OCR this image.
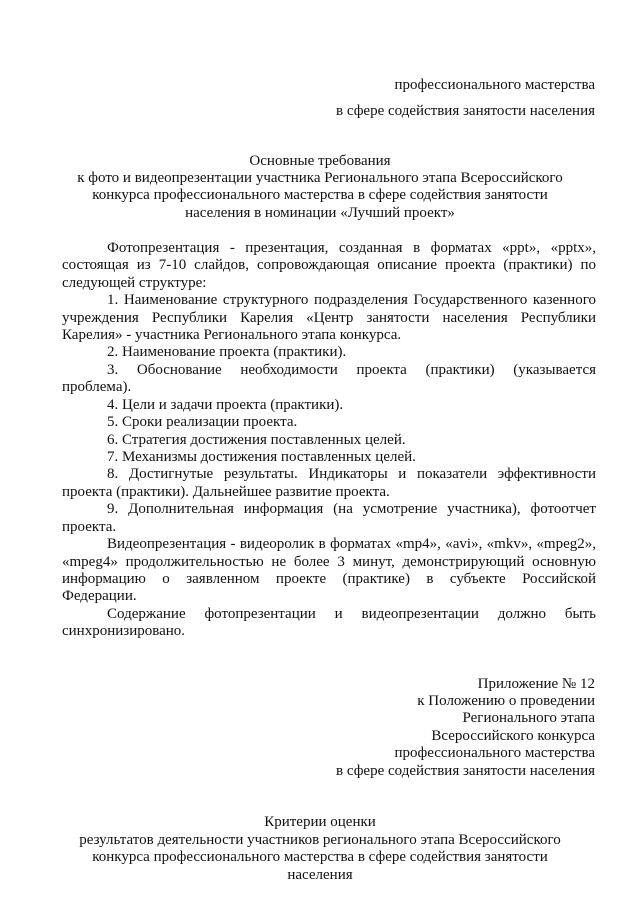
профессионального мастерства
в сфере содействия занятости населения
Основные требования
к фото и видеопрезентации участника Регионального этапа Всероссийского
конкурса профессионального мастерства в сфере содействия занятости
населения в номинации «Лучший проект»
Фотопрезентация - презентация, созданная в форматах «ppt», «pptx»,
состоящая из 7-10 слайдов, сопровождающая описание проекта (практики) по
следующей структуре:
1. Наименование структурного подразделения Государственного казенного
учреждения Республики Карелия «Центр занятости населения Республики
Карелия» - участника Регионального этапа конкурса.
2. Наименование проекта (практики).
3. Обоснование необходимости проекта (практики) (указывается
проблема).
4. Цели и задачи проекта (практики).
5. Сроки реализации проекта.
6. Стратегия достижения поставленных целей.
7. Механизмы достижения поставленных целей.
8. Достигнутые результаты. Индикаторы и показатели эффективности
проекта (практики). Дальнейшее развитие проекта.
9. Дополнительная информация (на усмотрение участника), фотоотчет
проекта.
Видеопрезентация - видеоролик в форматах «mp4», «avi», «mkv», «mpeg2»,
«mpeg4» продолжительностью не более 3 минут, демонстрирующий основную
информацию о заявленном проекте (практике) в субъекте Российской
Федерации.
Содержание фотопрезентации и видеопрезентации должно быть
синхронизировано.
Приложение № 12
к Положению о проведении
Регионального этапа
Всероссийского конкурса
профессионального мастерства
в сфере содействия занятости населения
Критерии оценки
результатов деятельности участников регионального этапа Всероссийского
конкурса профессионального мастерства в сфере содействия занятости
населения
